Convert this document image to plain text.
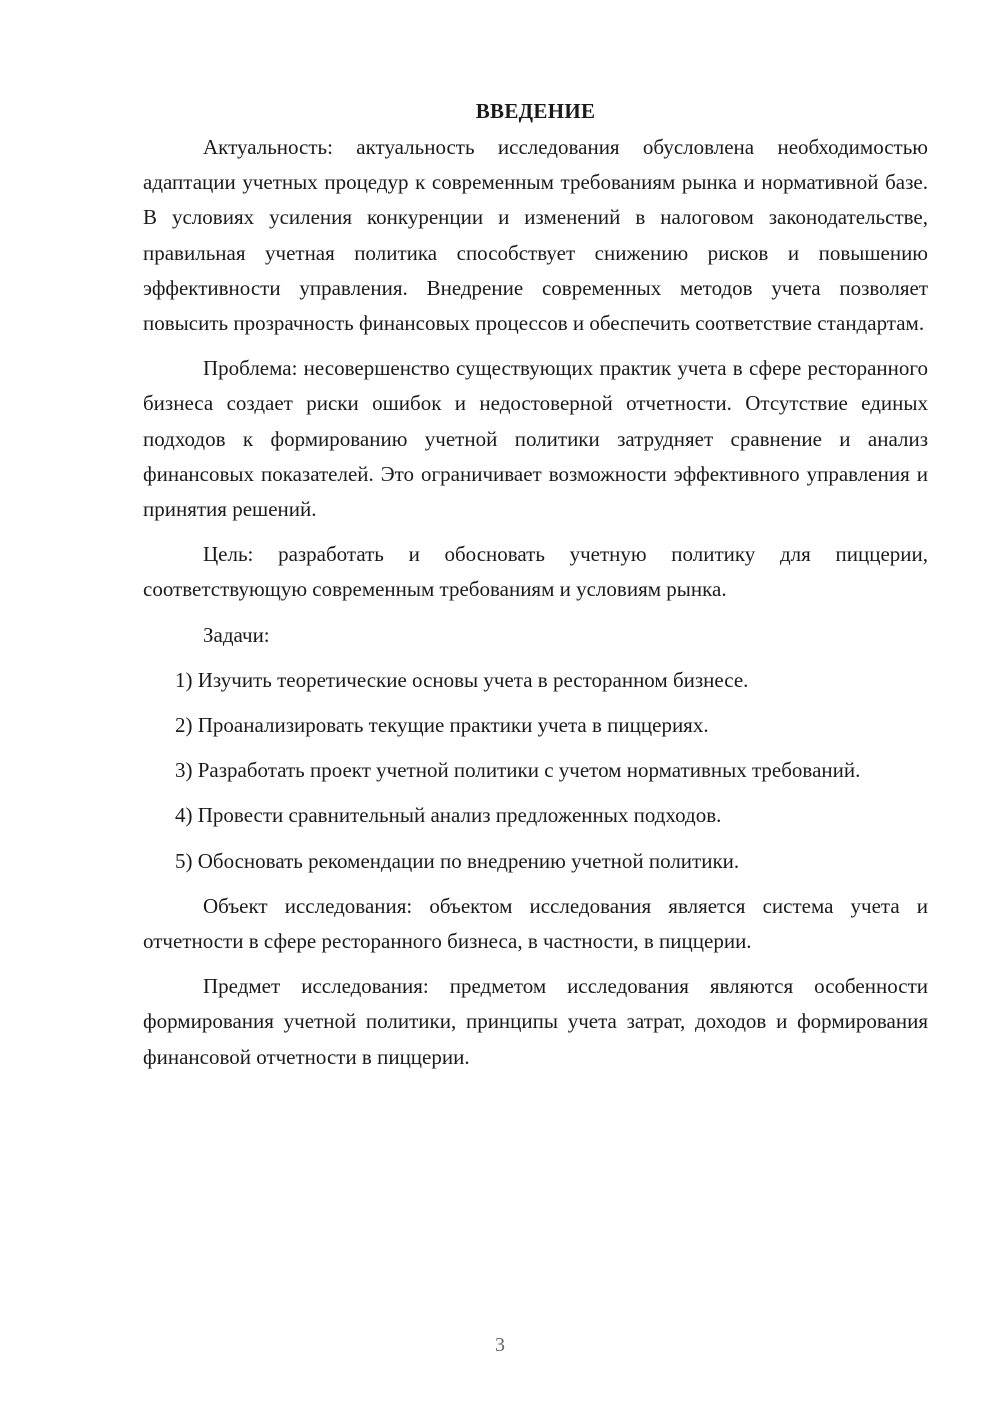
ВВЕДЕНИЕ

Актуальность: актуальность исследования обусловлена необходимостью адаптации учетных процедур к современным требованиям рынка и нормативной базе. В условиях усиления конкуренции и изменений в налоговом законодательстве, правильная учетная политика способствует снижению рисков и повышению эффективности управления. Внедрение современных методов учета позволяет повысить прозрачность финансовых процессов и обеспечить соответствие стандартам.

Проблема: несовершенство существующих практик учета в сфере ресторанного бизнеса создает риски ошибок и недостоверной отчетности. Отсутствие единых подходов к формированию учетной политики затрудняет сравнение и анализ финансовых показателей. Это ограничивает возможности эффективного управления и принятия решений.

Цель: разработать и обосновать учетную политику для пиццерии, соответствующую современным требованиям и условиям рынка.

Задачи:

1) Изучить теоретические основы учета в ресторанном бизнесе.

2) Проанализировать текущие практики учета в пиццериях.

3) Разработать проект учетной политики с учетом нормативных требований.

4) Провести сравнительный анализ предложенных подходов.

5) Обосновать рекомендации по внедрению учетной политики.

Объект исследования: объектом исследования является система учета и отчетности в сфере ресторанного бизнеса, в частности, в пиццерии.

Предмет исследования: предметом исследования являются особенности формирования учетной политики, принципы учета затрат, доходов и формирования финансовой отчетности в пиццерии.

3
